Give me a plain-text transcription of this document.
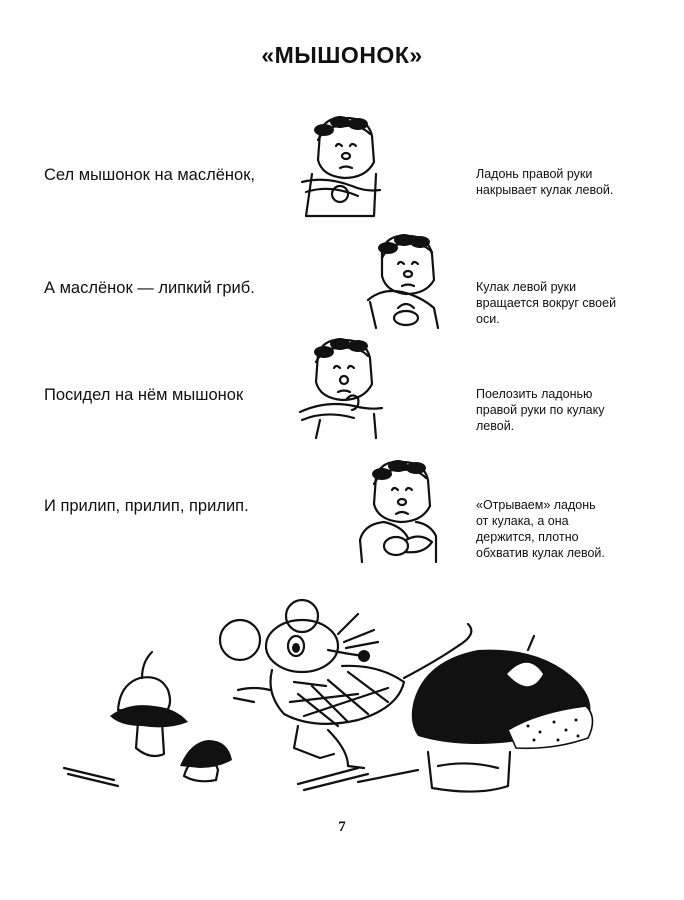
«МЫШОНОК»
Сел мышонок на маслёнок,	Ладонь правой руки
накрывает кулак левой.
А маслёнок — липкий гриб.	Кулак левой руки
вращается вокруг своей
оси.
Посидел на нём мышонок	Поелозить ладонью
правой руки по кулаку
левой.
И прилип, прилип, прилип.	«Отрываем» ладонь
от кулака, а она
держится, плотно
обхватив кулак левой.
7
